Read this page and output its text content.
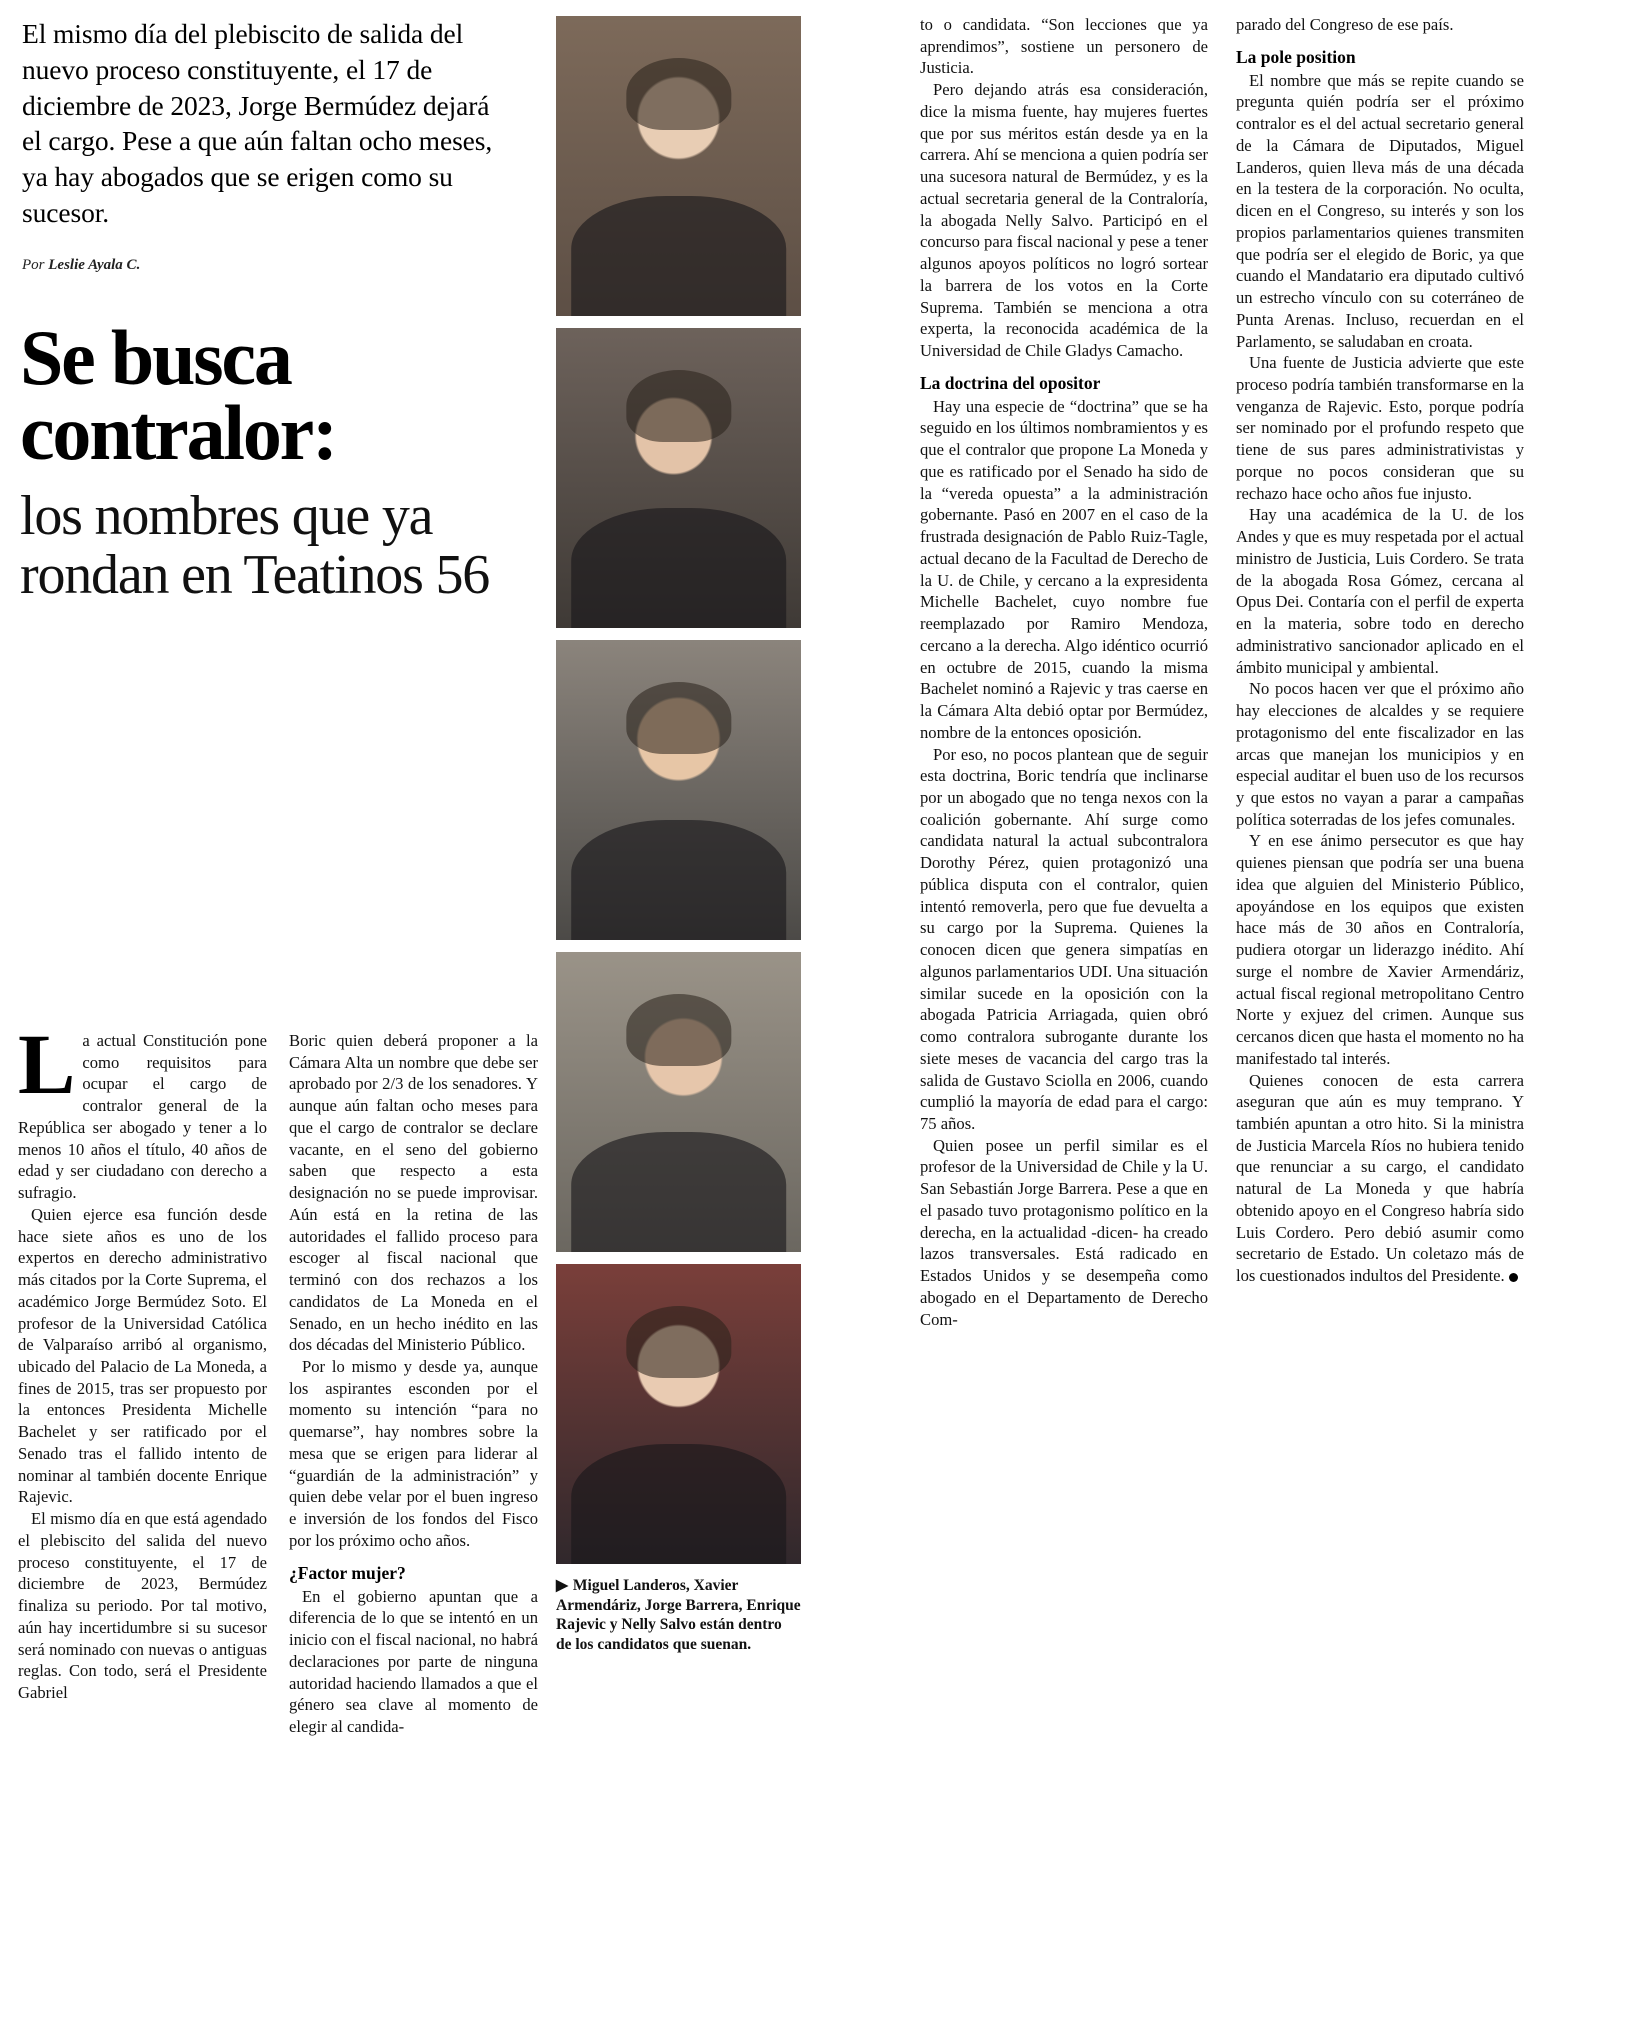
El mismo día del plebiscito de salida del nuevo proceso constituyente, el 17 de diciembre de 2023, Jorge Bermúdez dejará el cargo. Pese a que aún faltan ocho meses, ya hay abogados que se erigen como su sucesor.
Por Leslie Ayala C.
Se busca contralor:
los nombres que ya rondan en Teatinos 56
▶ Miguel Landeros, Xavier Armendáriz, Jorge Barrera, Enrique Rajevic y Nelly Salvo están dentro de los candidatos que suenan.

La actual Constitución pone como requisitos para ocupar el cargo de contralor general de la República ser abogado y tener a lo menos 10 años el título, 40 años de edad y ser ciudadano con derecho a sufragio.

Quien ejerce esa función desde hace siete años es uno de los expertos en derecho administrativo más citados por la Corte Suprema, el académico Jorge Bermúdez Soto. El profesor de la Universidad Católica de Valparaíso arribó al organismo, ubicado del Palacio de La Moneda, a fines de 2015, tras ser propuesto por la entonces Presidenta Michelle Bachelet y ser ratificado por el Senado tras el fallido intento de nominar al también docente Enrique Rajevic.

El mismo día en que está agendado el plebiscito del salida del nuevo proceso constituyente, el 17 de diciembre de 2023, Bermúdez finaliza su periodo. Por tal motivo, aún hay incertidumbre si su sucesor será nominado con nuevas o antiguas reglas. Con todo, será el Presidente Gabriel

Boric quien deberá proponer a la Cámara Alta un nombre que debe ser aprobado por 2/3 de los senadores. Y aunque aún faltan ocho meses para que el cargo de contralor se declare vacante, en el seno del gobierno saben que respecto a esta designación no se puede improvisar. Aún está en la retina de las autoridades el fallido proceso para escoger al fiscal nacional que terminó con dos rechazos a los candidatos de La Moneda en el Senado, en un hecho inédito en las dos décadas del Ministerio Público.

Por lo mismo y desde ya, aunque los aspirantes esconden por el momento su intención “para no quemarse”, hay nombres sobre la mesa que se erigen para liderar al “guardián de la administración” y quien debe velar por el buen ingreso e inversión de los fondos del Fisco por los próximo ocho años.

¿Factor mujer?

En el gobierno apuntan que a diferencia de lo que se intentó en un inicio con el fiscal nacional, no habrá declaraciones por parte de ninguna autoridad haciendo llamados a que el género sea clave al momento de elegir al candida-

to o candidata. “Son lecciones que ya aprendimos”, sostiene un personero de Justicia.

Pero dejando atrás esa consideración, dice la misma fuente, hay mujeres fuertes que por sus méritos están desde ya en la carrera. Ahí se menciona a quien podría ser una sucesora natural de Bermúdez, y es la actual secretaria general de la Contraloría, la abogada Nelly Salvo. Participó en el concurso para fiscal nacional y pese a tener algunos apoyos políticos no logró sortear la barrera de los votos en la Corte Suprema. También se menciona a otra experta, la reconocida académica de la Universidad de Chile Gladys Camacho.

La doctrina del opositor

Hay una especie de “doctrina” que se ha seguido en los últimos nombramientos y es que el contralor que propone La Moneda y que es ratificado por el Senado ha sido de la “vereda opuesta” a la administración gobernante. Pasó en 2007 en el caso de la frustrada designación de Pablo Ruiz-Tagle, actual decano de la Facultad de Derecho de la U. de Chile, y cercano a la expresidenta Michelle Bachelet, cuyo nombre fue reemplazado por Ramiro Mendoza, cercano a la derecha. Algo idéntico ocurrió en octubre de 2015, cuando la misma Bachelet nominó a Rajevic y tras caerse en la Cámara Alta debió optar por Bermúdez, nombre de la entonces oposición.

Por eso, no pocos plantean que de seguir esta doctrina, Boric tendría que inclinarse por un abogado que no tenga nexos con la coalición gobernante. Ahí surge como candidata natural la actual subcontralora Dorothy Pérez, quien protagonizó una pública disputa con el contralor, quien intentó removerla, pero que fue devuelta a su cargo por la Suprema. Quienes la conocen dicen que genera simpatías en algunos parlamentarios UDI. Una situación similar sucede en la oposición con la abogada Patricia Arriagada, quien obró como contralora subrogante durante los siete meses de vacancia del cargo tras la salida de Gustavo Sciolla en 2006, cuando cumplió la mayoría de edad para el cargo: 75 años.

Quien posee un perfil similar es el profesor de la Universidad de Chile y la U. San Sebastián Jorge Barrera. Pese a que en el pasado tuvo protagonismo político en la derecha, en la actualidad -dicen- ha creado lazos transversales. Está radicado en Estados Unidos y se desempeña como abogado en el Departamento de Derecho Com-

parado del Congreso de ese país.

La pole position

El nombre que más se repite cuando se pregunta quién podría ser el próximo contralor es el del actual secretario general de la Cámara de Diputados, Miguel Landeros, quien lleva más de una década en la testera de la corporación. No oculta, dicen en el Congreso, su interés y son los propios parlamentarios quienes transmiten que podría ser el elegido de Boric, ya que cuando el Mandatario era diputado cultivó un estrecho vínculo con su coterráneo de Punta Arenas. Incluso, recuerdan en el Parlamento, se saludaban en croata.

Una fuente de Justicia advierte que este proceso podría también transformarse en la venganza de Rajevic. Esto, porque podría ser nominado por el profundo respeto que tiene de sus pares administrativistas y porque no pocos consideran que su rechazo hace ocho años fue injusto.

Hay una académica de la U. de los Andes y que es muy respetada por el actual ministro de Justicia, Luis Cordero. Se trata de la abogada Rosa Gómez, cercana al Opus Dei. Contaría con el perfil de experta en la materia, sobre todo en derecho administrativo sancionador aplicado en el ámbito municipal y ambiental.

No pocos hacen ver que el próximo año hay elecciones de alcaldes y se requiere protagonismo del ente fiscalizador en las arcas que manejan los municipios y en especial auditar el buen uso de los recursos y que estos no vayan a parar a campañas política soterradas de los jefes comunales.

Y en ese ánimo persecutor es que hay quienes piensan que podría ser una buena idea que alguien del Ministerio Público, apoyándose en los equipos que existen hace más de 30 años en Contraloría, pudiera otorgar un liderazgo inédito. Ahí surge el nombre de Xavier Armendáriz, actual fiscal regional metropolitano Centro Norte y exjuez del crimen. Aunque sus cercanos dicen que hasta el momento no ha manifestado tal interés.

Quienes conocen de esta carrera aseguran que aún es muy temprano. Y también apuntan a otro hito. Si la ministra de Justicia Marcela Ríos no hubiera tenido que renunciar a su cargo, el candidato natural de La Moneda y que habría obtenido apoyo en el Congreso habría sido Luis Cordero. Pero debió asumir como secretario de Estado. Un coletazo más de los cuestionados indultos del Presidente.
